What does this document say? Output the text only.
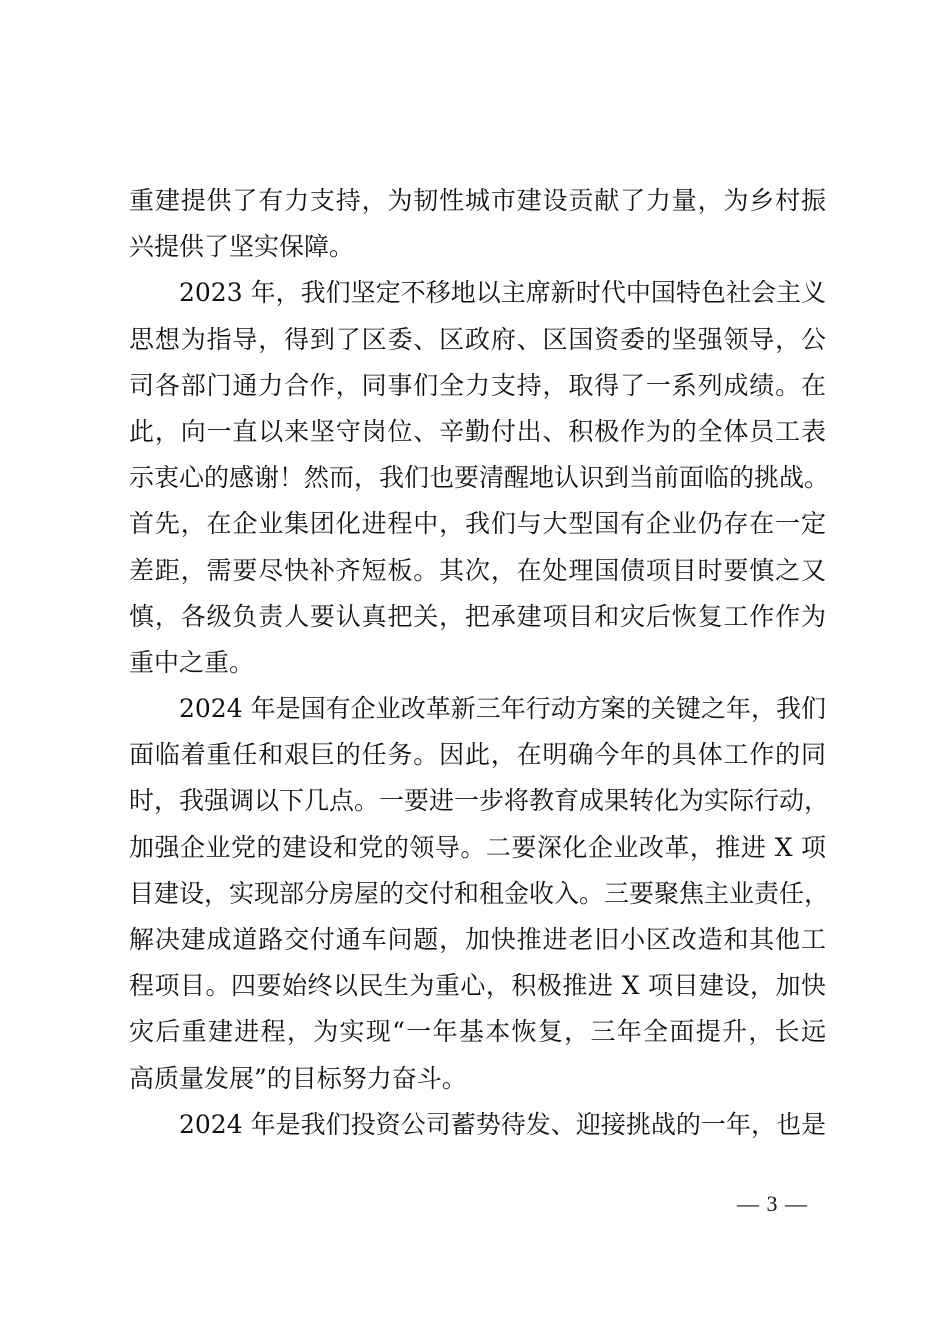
重建提供了有力支持，为韧性城市建设贡献了力量，为乡村振
兴提供了坚实保障。
2023 年，我们坚定不移地以主席新时代中国特色社会主义
思想为指导，得到了区委、区政府、区国资委的坚强领导，公
司各部门通力合作，同事们全力支持，取得了一系列成绩。在
此，向一直以来坚守岗位、辛勤付出、积极作为的全体员工表
示衷心的感谢！然而，我们也要清醒地认识到当前面临的挑战。
首先，在企业集团化进程中，我们与大型国有企业仍存在一定
差距，需要尽快补齐短板。其次，在处理国债项目时要慎之又
慎，各级负责人要认真把关，把承建项目和灾后恢复工作作为
重中之重。
2024 年是国有企业改革新三年行动方案的关键之年，我们
面临着重任和艰巨的任务。因此，在明确今年的具体工作的同
时，我强调以下几点。一要进一步将教育成果转化为实际行动，
加强企业党的建设和党的领导。二要深化企业改革，推进 X 项
目建设，实现部分房屋的交付和租金收入。三要聚焦主业责任，
解决建成道路交付通车问题，加快推进老旧小区改造和其他工
程项目。四要始终以民生为重心，积极推进 X 项目建设，加快
灾后重建进程，为实现“一年基本恢复，三年全面提升，长远
高质量发展”的目标努力奋斗。
2024 年是我们投资公司蓄势待发、迎接挑战的一年，也是
— 3 —
